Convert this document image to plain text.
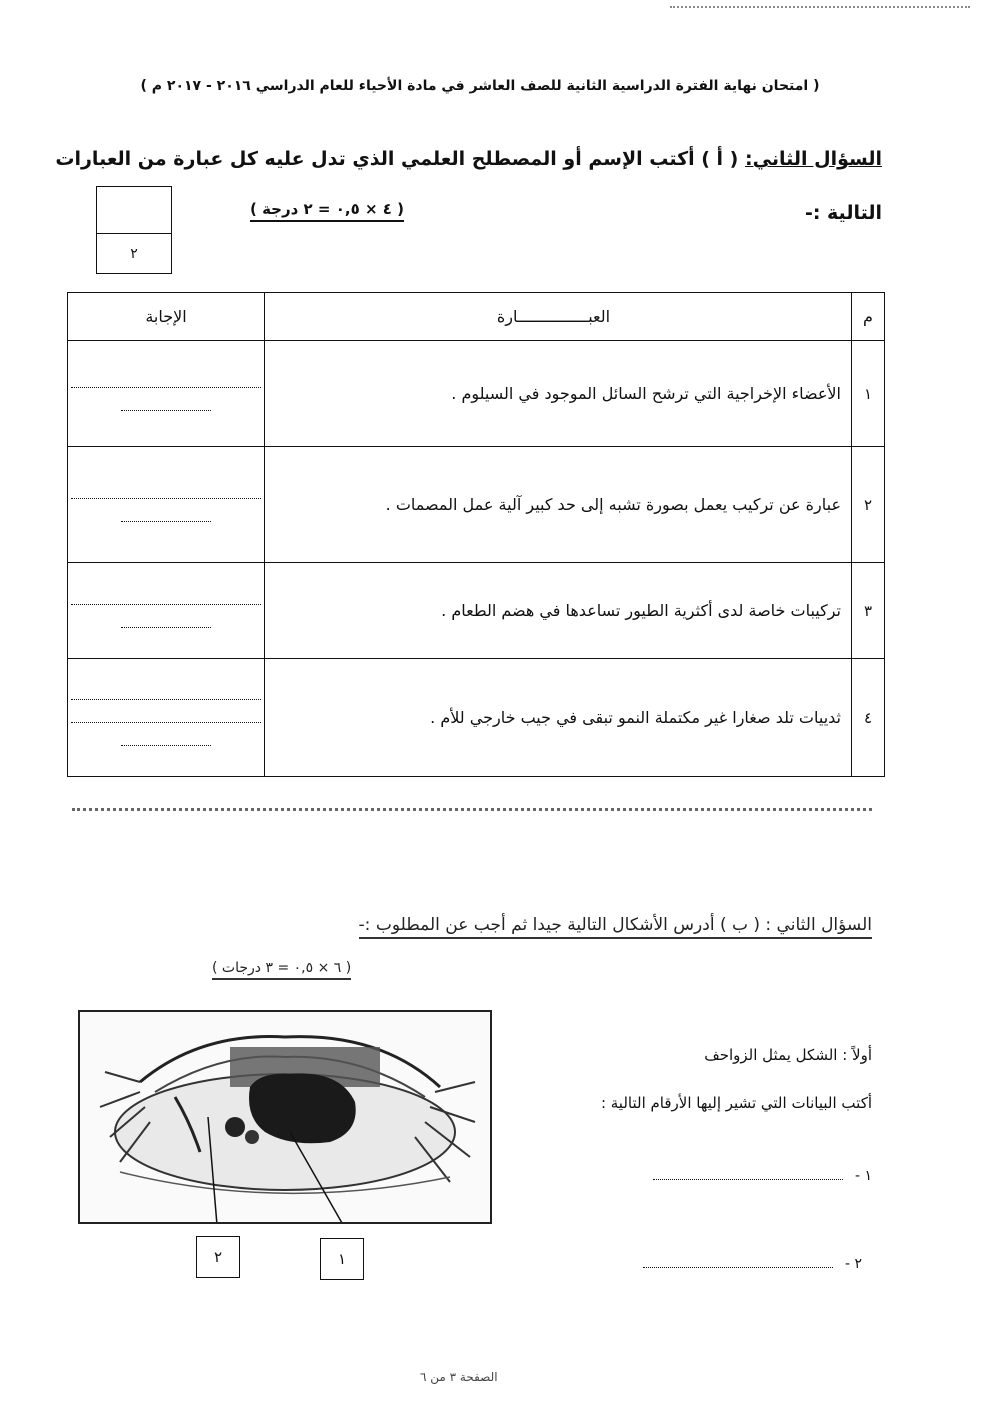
( امتحان نهاية الفترة الدراسية الثانية للصف العاشر في مادة الأحياء للعام الدراسي ٢٠١٦ - ٢٠١٧ م )
السؤال الثاني: ( أ ) أكتب الإسم أو المصطلح العلمي الذي تدل عليه كل عبارة من العبارات
التالية :-
( ٤ × ٠,٥ = ٢ درجة )
٢
م	العبـــــــــــــــارة	الإجابة
١	الأعضاء الإخراجية التي ترشح السائل الموجود في السيلوم .	

٢	عبارة عن تركيب يعمل بصورة تشبه إلى حد كبير آلية عمل المصمات .	

٣	تركيبات خاصة لدى أكثرية الطيور تساعدها في هضم الطعام .	

٤	ثدييات تلد صغارا غير مكتملة النمو تبقى في جيب خارجي للأم .	
السؤال الثاني : ( ب ) أدرس الأشكال التالية جيدا ثم أجب عن المطلوب :-
( ٦ × ٠,٥ = ٣ درجات )
٢	١
أولاً : الشكل يمثل الزواحف
أكتب البيانات التي تشير إليها الأرقام التالية :
١ -
٢ -
الصفحة ٣ من ٦
